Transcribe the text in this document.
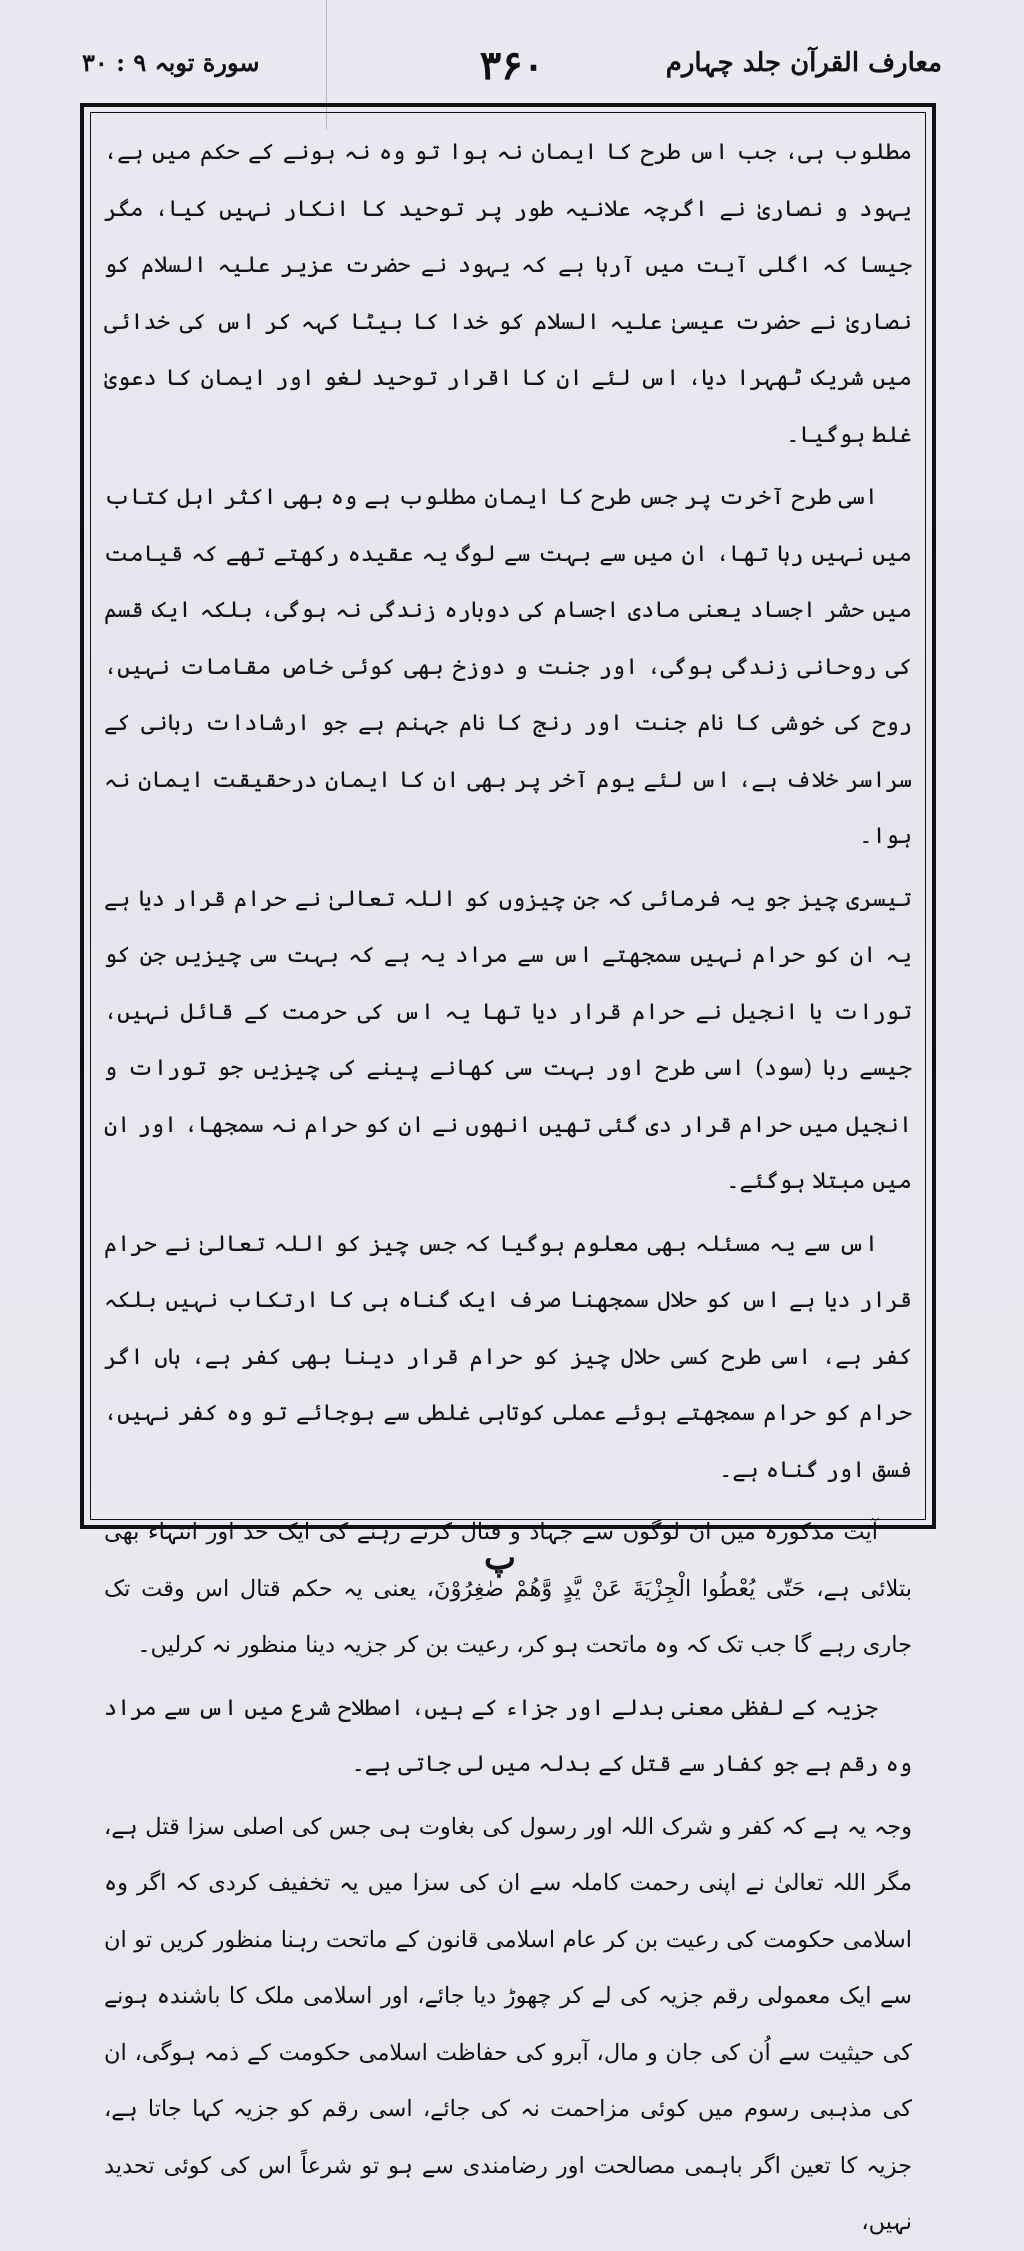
معارف القرآن جلد چہارم
۳۶۰
سورة توبہ ۹ : ۳۰

مطلوب ہی، جب اس طرح کا ایمان نہ ہوا تو وہ نہ ہونے کے حکم میں ہے، یہود و نصاریٰ نے اگرچہ علانیہ طور پر توحید کا انکار نہیں کیا، مگر جیسا کہ اگلی آیت میں آرہا ہے کہ یہود نے حضرت عزیر علیہ السلام کو نصاریٰ نے حضرت عیسیٰ علیہ السلام کو خدا کا بیٹا کہہ کر اس کی خدائی میں شریک ٹھہرا دیا، اس لئے ان کا اقرار توحید لغو اور ایمان کا دعویٰ غلط ہوگیا۔

اسی طرح آخرت پر جس طرح کا ایمان مطلوب ہے وہ بھی اکثر اہل کتاب میں نہیں رہا تھا، ان میں سے بہت سے لوگ یہ عقیدہ رکھتے تھے کہ قیامت میں حشر اجساد یعنی مادی اجسام کی دوبارہ زندگی نہ ہوگی، بلکہ ایک قسم کی روحانی زندگی ہوگی، اور جنت و دوزخ بھی کوئی خاص مقامات نہیں، روح کی خوشی کا نام جنت اور رنج کا نام جہنم ہے جو ارشادات ربانی کے سراسر خلاف ہے، اس لئے یوم آخر پر بھی ان کا ایمان درحقیقت ایمان نہ ہوا۔

تیسری چیز جو یہ فرمائی کہ جن چیزوں کو اللہ تعالیٰ نے حرام قرار دیا ہے یہ ان کو حرام نہیں سمجھتے اس سے مراد یہ ہے کہ بہت سی چیزیں جن کو تورات یا انجیل نے حرام قرار دیا تھا یہ اس کی حرمت کے قائل نہیں، جیسے ربا (سود) اسی طرح اور بہت سی کھانے پینے کی چیزیں جو تورات و انجیل میں حرام قرار دی گئی تھیں انھوں نے ان کو حرام نہ سمجھا، اور ان میں مبتلا ہوگئے۔

اس سے یہ مسئلہ بھی معلوم ہوگیا کہ جس چیز کو اللہ تعالیٰ نے حرام قرار دیا ہے اس کو حلال سمجھنا صرف ایک گناہ ہی کا ارتکاب نہیں بلکہ کفر ہے، اسی طرح کسی حلال چیز کو حرام قرار دینا بھی کفر ہے، ہاں اگر حرام کو حرام سمجھتے ہوئے عملی کوتاہی غلطی سے ہوجائے تو وہ کفر نہیں، فسق اور گناہ ہے۔

آیت مذکورہ میں ان لوگوں سے جہاد و قتال کرتے رہنے کی ایک حد اور انتہاء بھی بتلائی ہے، حَتّٰى يُعْطُوا الْجِزْيَةَ عَنْ يَّدٍ وَّهُمْ صٰغِرُوْنَ، یعنی یہ حکم قتال اس وقت تک جاری رہے گا جب تک کہ وہ ماتحت ہو کر، رعیت بن کر جزیہ دینا منظور نہ کرلیں۔

جزیہ کے لفظی معنی بدلے اور جزاء کے ہیں، اصطلاح شرع میں اس سے مراد وہ رقم ہے جو کفار سے قتل کے بدلہ میں لی جاتی ہے۔

وجہ یہ ہے کہ کفر و شرک اللہ اور رسول کی بغاوت ہی جس کی اصلی سزا قتل ہے، مگر اللہ تعالیٰ نے اپنی رحمت کاملہ سے ان کی سزا میں یہ تخفیف کردی کہ اگر وہ اسلامی حکومت کی رعیت بن کر عام اسلامی قانون کے ماتحت رہنا منظور کریں تو ان سے ایک معمولی رقم جزیہ کی لے کر چھوڑ دیا جائے، اور اسلامی ملک کا باشندہ ہونے کی حیثیت سے اُن کی جان و مال، آبرو کی حفاظت اسلامی حکومت کے ذمہ ہوگی، ان کی مذہبی رسوم میں کوئی مزاحمت نہ کی جائے، اسی رقم کو جزیہ کہا جاتا ہے، جزیہ کا تعین اگر باہمی مصالحت اور رضامندی سے ہو تو شرعاً اس کی کوئی تحدید نہیں،

پ
